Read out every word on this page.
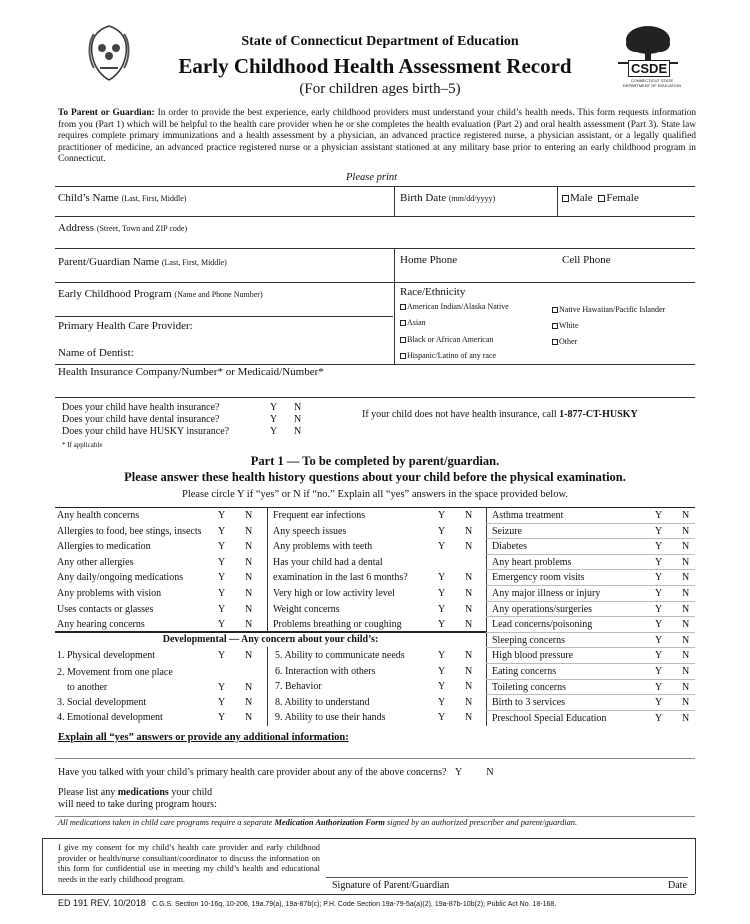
State of Connecticut Department of Education
Early Childhood Health Assessment Record
(For children ages birth–5)
CSDE
CONNECTICUT STATE DEPARTMENT OF EDUCATION
To Parent or Guardian: In order to provide the best experience, early childhood providers must understand your child’s health needs. This form requests information from you (Part 1) which will be helpful to the health care provider when he or she completes the health evaluation (Part 2) and oral health assessment (Part 3). State law requires complete primary immunizations and a health assessment by a physician, an advanced practice registered nurse, a physician assistant, or a legally qualified practitioner of medicine, an advanced practice registered nurse or a physician assistant stationed at any military base prior to entering an early childhood program in Connecticut.
Please print
Child’s Name (Last, First, Middle)	Birth Date (mm/dd/yyyy)	Male Female
Address (Street, Town and ZIP code)
Parent/Guardian Name (Last, First, Middle)	Home Phone	Cell Phone
Early Childhood Program (Name and Phone Number)	Race/Ethnicity
American Indian/Alaska Native	Native Hawaiian/Pacific Islander
Asian	White
Black or African American	Other
Hispanic/Latino of any race
Primary Health Care Provider:
Name of Dentist:
Health Insurance Company/Number* or Medicaid/Number*
Does your child have health insurance?	Y N
Does your child have dental insurance?	Y N
Does your child have HUSKY insurance?	Y N
If your child does not have health insurance, call 1-877-CT-HUSKY
* If applicable
Part 1 — To be completed by parent/guardian.
Please answer these health history questions about your child before the physical examination.
Please circle Y if “yes” or N if “no.” Explain all “yes” answers in the space provided below.
Any health concerns	Y N
Allergies to food, bee stings, insects Y N
Allergies to medication	Y N
Any other allergies	Y N
Any daily/ongoing medications	Y N
Any problems with vision	Y N
Uses contacts or glasses	Y N
Any hearing concerns	Y N
Frequent ear infections	Y N
Any speech issues	Y N
Any problems with teeth	Y N
Has your child had a dental
examination in the last 6 months?	Y N
Very high or low activity level	Y N
Weight concerns	Y N
Problems breathing or coughing	Y N
Asthma treatment	Y N
Seizure	Y N
Diabetes	Y N
Any heart problems	Y N
Emergency room visits	Y N
Any major illness or injury	Y N
Any operations/surgeries	Y N
Lead concerns/poisoning	Y N
Sleeping concerns	Y N
High blood pressure	Y N
Eating concerns	Y N
Toileting concerns	Y N
Birth to 3 services	Y N
Preschool Special Education	Y N
Developmental — Any concern about your child’s:
1. Physical development	Y N
2. Movement from one place
to another	Y N
3. Social development	Y N
4. Emotional development	Y N
5. Ability to communicate needs	Y N
6. Interaction with others	Y N
7. Behavior	Y N
8. Ability to understand	Y N
9. Ability to use their hands	Y N
Explain all “yes” answers or provide any additional information:
Have you talked with your child’s primary health care provider about any of the above concerns? Y N
Please list any medications your child
will need to take during program hours:
All medications taken in child care programs require a separate Medication Authorization Form signed by an authorized prescriber and parent/guardian.
I give my consent for my child’s health care provider and early childhood provider or health/nurse consultant/coordinator to discuss the information on this form for confidential use in meeting my child’s health and educational needs in the early childhood program.
Signature of Parent/Guardian	Date
ED 191 REV. 10/2018 C.G.S. Section 10-16q, 10-206, 19a.79(a), 19a-87b(c); P.H. Code Section 19a-79-5a(a)(2), 19a-87b-10b(2); Public Act No. 18-168.
